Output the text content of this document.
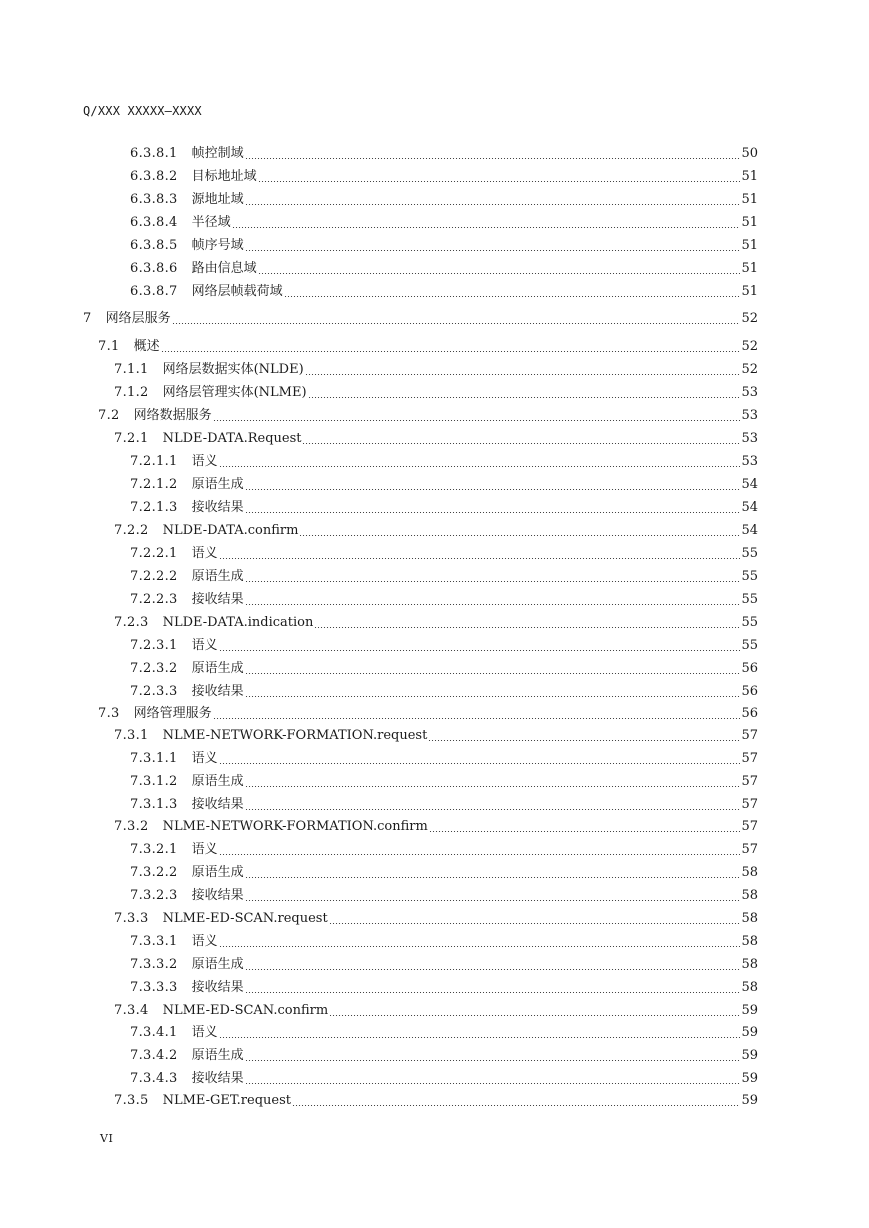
Q/XXX XXXXX—XXXX
6.3.8.1 帧控制域	50
6.3.8.2 目标地址域	51
6.3.8.3 源地址域	51
6.3.8.4 半径域	51
6.3.8.5 帧序号域	51
6.3.8.6 路由信息域	51
6.3.8.7 网络层帧载荷域	51
7 网络层服务	52
7.1 概述	52
7.1.1 网络层数据实体(NLDE)	52
7.1.2 网络层管理实体(NLME)	53
7.2 网络数据服务	53
7.2.1 NLDE-DATA.Request	53
7.2.1.1 语义	53
7.2.1.2 原语生成	54
7.2.1.3 接收结果	54
7.2.2 NLDE-DATA.confirm	54
7.2.2.1 语义	55
7.2.2.2 原语生成	55
7.2.2.3 接收结果	55
7.2.3 NLDE-DATA.indication	55
7.2.3.1 语义	55
7.2.3.2 原语生成	56
7.2.3.3 接收结果	56
7.3 网络管理服务	56
7.3.1 NLME-NETWORK-FORMATION.request	57
7.3.1.1 语义	57
7.3.1.2 原语生成	57
7.3.1.3 接收结果	57
7.3.2 NLME-NETWORK-FORMATION.confirm	57
7.3.2.1 语义	57
7.3.2.2 原语生成	58
7.3.2.3 接收结果	58
7.3.3 NLME-ED-SCAN.request	58
7.3.3.1 语义	58
7.3.3.2 原语生成	58
7.3.3.3 接收结果	58
7.3.4 NLME-ED-SCAN.confirm	59
7.3.4.1 语义	59
7.3.4.2 原语生成	59
7.3.4.3 接收结果	59
7.3.5 NLME-GET.request	59
VI
